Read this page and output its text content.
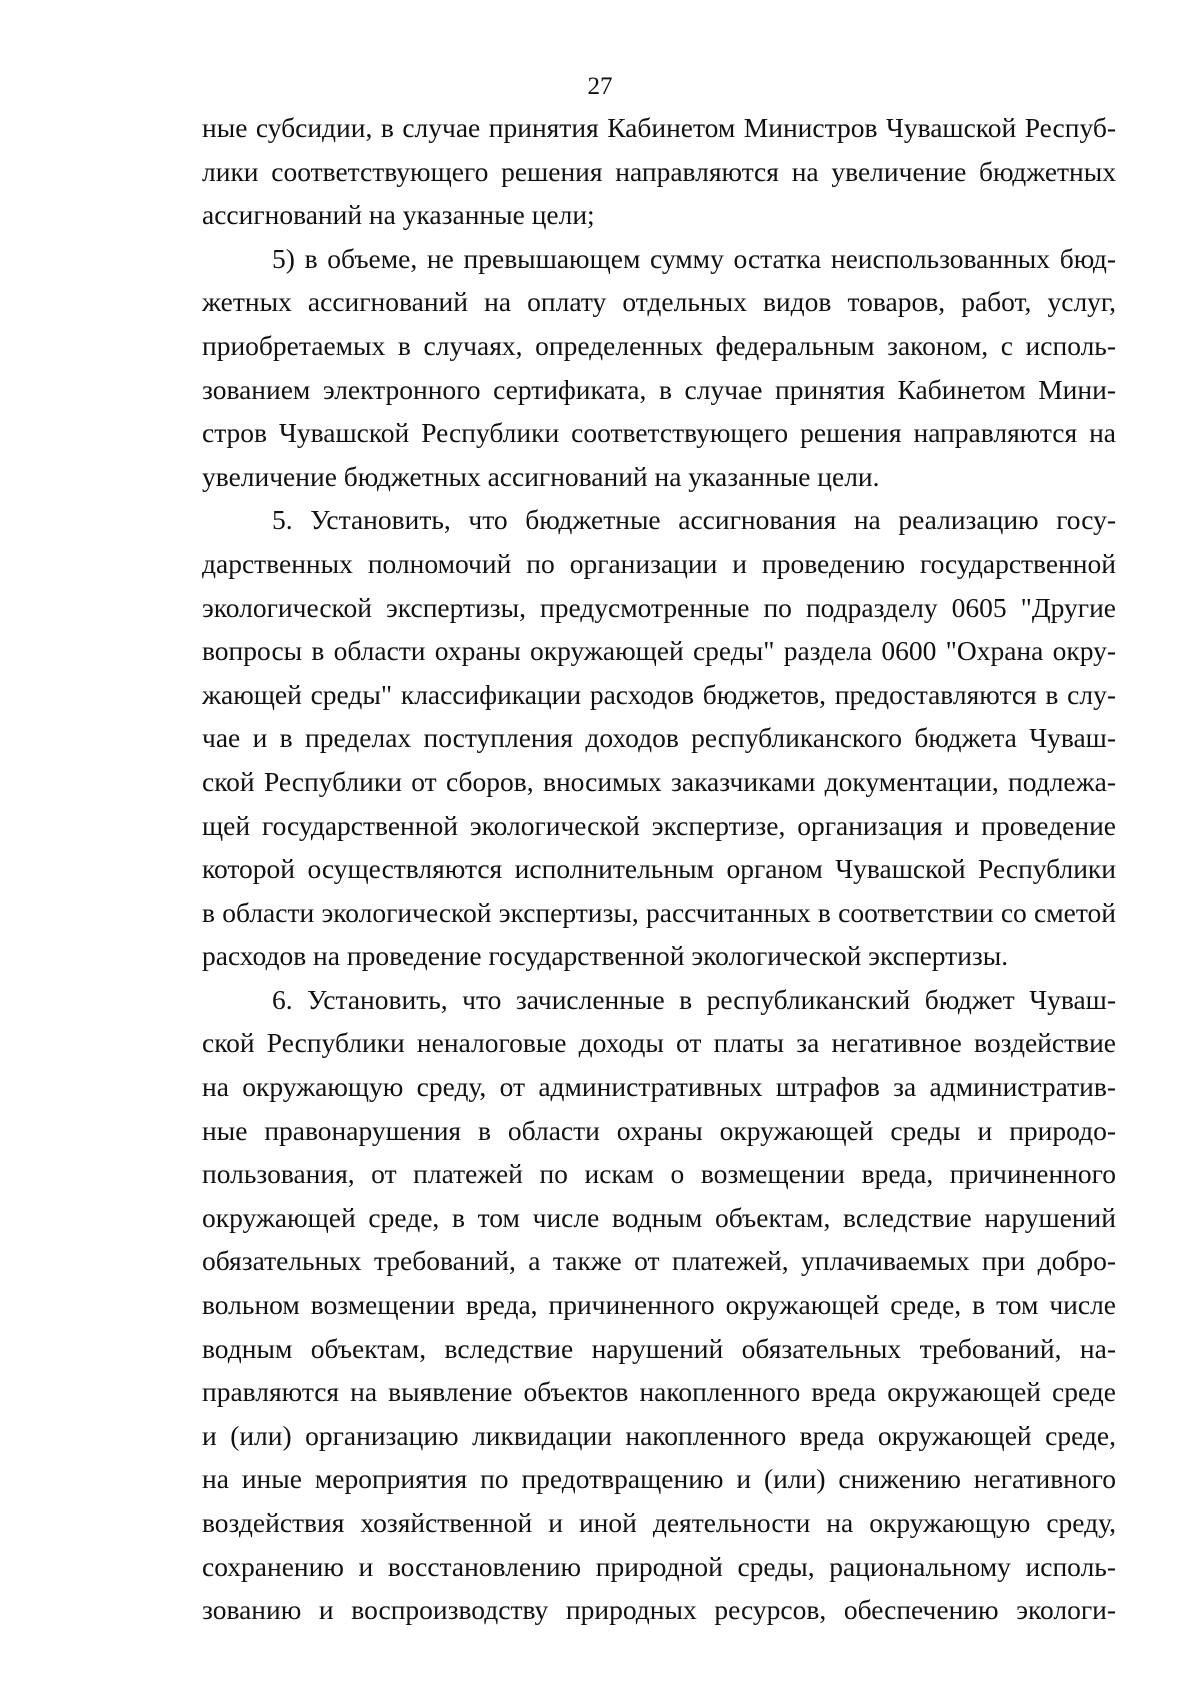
27
ные субсидии, в случае принятия Кабинетом Министров Чувашской Респуб-
лики соответствующего решения направляются на увеличение бюджетных
ассигнований на указанные цели;
5) в объеме, не превышающем сумму остатка неиспользованных бюд-
жетных ассигнований на оплату отдельных видов товаров, работ, услуг,
приобретаемых в случаях, определенных федеральным законом, с исполь-
зованием электронного сертификата, в случае принятия Кабинетом Мини-
стров Чувашской Республики соответствующего решения направляются на
увеличение бюджетных ассигнований на указанные цели.
5. Установить, что бюджетные ассигнования на реализацию госу-
дарственных полномочий по организации и проведению государственной
экологической экспертизы, предусмотренные по подразделу 0605 "Другие
вопросы в области охраны окружающей среды" раздела 0600 "Охрана окру-
жающей среды" классификации расходов бюджетов, предоставляются в слу-
чае и в пределах поступления доходов республиканского бюджета Чуваш-
ской Республики от сборов, вносимых заказчиками документации, подлежа-
щей государственной экологической экспертизе, организация и проведение
которой осуществляются исполнительным органом Чувашской Республики
в области экологической экспертизы, рассчитанных в соответствии со сметой
расходов на проведение государственной экологической экспертизы.
6. Установить, что зачисленные в республиканский бюджет Чуваш-
ской Республики неналоговые доходы от платы за негативное воздействие
на окружающую среду, от административных штрафов за административ-
ные правонарушения в области охраны окружающей среды и природо-
пользования, от платежей по искам о возмещении вреда, причиненного
окружающей среде, в том числе водным объектам, вследствие нарушений
обязательных требований, а также от платежей, уплачиваемых при добро-
вольном возмещении вреда, причиненного окружающей среде, в том числе
водным объектам, вследствие нарушений обязательных требований, на-
правляются на выявление объектов накопленного вреда окружающей среде
и (или) организацию ликвидации накопленного вреда окружающей среде,
на иные мероприятия по предотвращению и (или) снижению негативного
воздействия хозяйственной и иной деятельности на окружающую среду,
сохранению и восстановлению природной среды, рациональному исполь-
зованию и воспроизводству природных ресурсов, обеспечению экологи-
